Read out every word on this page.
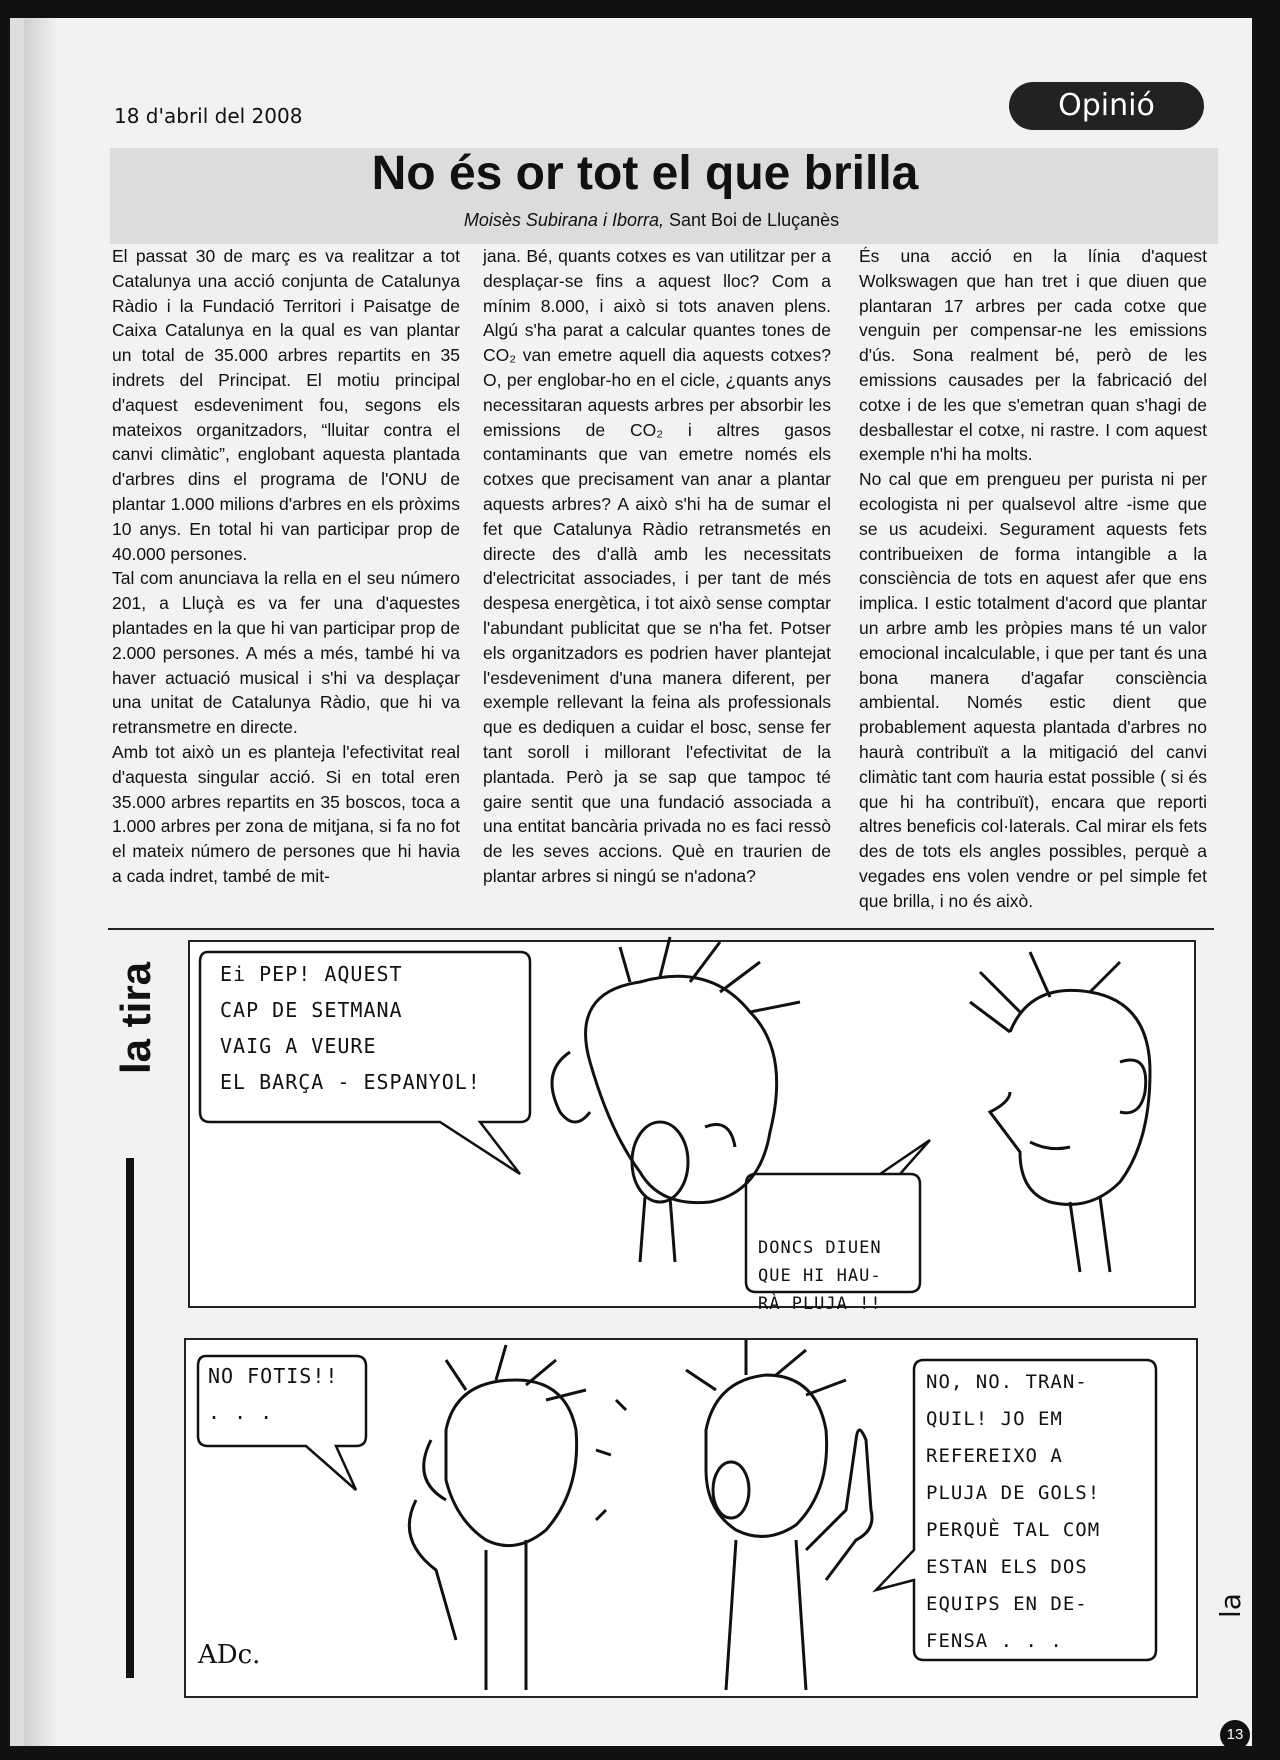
18 d'abril del 2008	Opinió
No és or tot el que brilla
Moisès Subirana i Iborra, Sant Boi de Lluçanès

El passat 30 de març es va realitzar a tot Catalunya una acció conjunta de Catalunya Ràdio i la Fundació Territori i Paisatge de Caixa Catalunya en la qual es van plantar un total de 35.000 arbres repartits en 35 indrets del Principat. El motiu principal d'aquest esdeveniment fou, segons els mateixos organitzadors, “lluitar contra el canvi climàtic”, englobant aquesta plantada d'arbres dins el programa de l'ONU de plantar 1.000 milions d'arbres en els pròxims 10 anys. En total hi van participar prop de 40.000 persones.

Tal com anunciava la rella en el seu número 201, a Lluçà es va fer una d'aquestes plantades en la que hi van participar prop de 2.000 persones. A més a més, també hi va haver actuació musical i s'hi va desplaçar una unitat de Catalunya Ràdio, que hi va retransmetre en directe.

Amb tot això un es planteja l'efectivitat real d'aquesta singular acció. Si en total eren 35.000 arbres repartits en 35 boscos, toca a 1.000 arbres per zona de mitjana, si fa no fot el mateix número de persones que hi havia a cada indret, també de mit-

jana. Bé, quants cotxes es van utilitzar per a desplaçar-se fins a aquest lloc? Com a mínim 8.000, i això si tots anaven plens. Algú s'ha parat a calcular quantes tones de CO₂ van emetre aquell dia aquests cotxes? O, per englobar-ho en el cicle, ¿quants anys necessitaran aquests arbres per absorbir les emissions de CO₂ i altres gasos contaminants que van emetre només els cotxes que precisament van anar a plantar aquests arbres? A això s'hi ha de sumar el fet que Catalunya Ràdio retransmetés en directe des d'allà amb les necessitats d'electricitat associades, i per tant de més despesa energètica, i tot això sense comptar l'abundant publicitat que se n'ha fet. Potser els organitzadors es podrien haver plantejat l'esdeveniment d'una manera diferent, per exemple rellevant la feina als professionals que es dediquen a cuidar el bosc, sense fer tant soroll i millorant l'efectivitat de la plantada. Però ja se sap que tampoc té gaire sentit que una fundació associada a una entitat bancària privada no es faci ressò de les seves accions. Què en traurien de plantar arbres si ningú se n'adona?

És una acció en la línia d'aquest Wolkswagen que han tret i que diuen que plantaran 17 arbres per cada cotxe que venguin per compensar-ne les emissions d'ús. Sona realment bé, però de les emissions causades per la fabricació del cotxe i de les que s'emetran quan s'hagi de desballestar el cotxe, ni rastre. I com aquest exemple n'hi ha molts.

No cal que em prengueu per purista ni per ecologista ni per qualsevol altre -isme que se us acudeixi. Segurament aquests fets contribueixen de forma intangible a la consciència de tots en aquest afer que ens implica. I estic totalment d'acord que plantar un arbre amb les pròpies mans té un valor emocional incalculable, i que per tant és una bona manera d'agafar consciència ambiental. Només estic dient que probablement aquesta plantada d'arbres no haurà contribuït a la mitigació del canvi climàtic tant com hauria estat possible ( si és que hi ha contribuït), encara que reporti altres beneficis col·laterals. Cal mirar els fets des de tots els angles possibles, perquè a vegades ens volen vendre or pel simple fet que brilla, i no és això.

la tira	Ei PEP! AQUEST
CAP DE SETMANA
VAIG A VEURE
EL BARÇA - ESPANYOL!
DONCS DIUEN
QUE HI HAU-
RÀ PLUJA !!
NO FOTIS!!
. . .
NO, NO. TRAN-
QUIL! JO EM
REFEREIXO A
PLUJA DE GOLS!
PERQUÈ TAL COM
ESTAN ELS DOS
EQUIPS EN DE-
FENSA . . .
ADc.
la rella
13
